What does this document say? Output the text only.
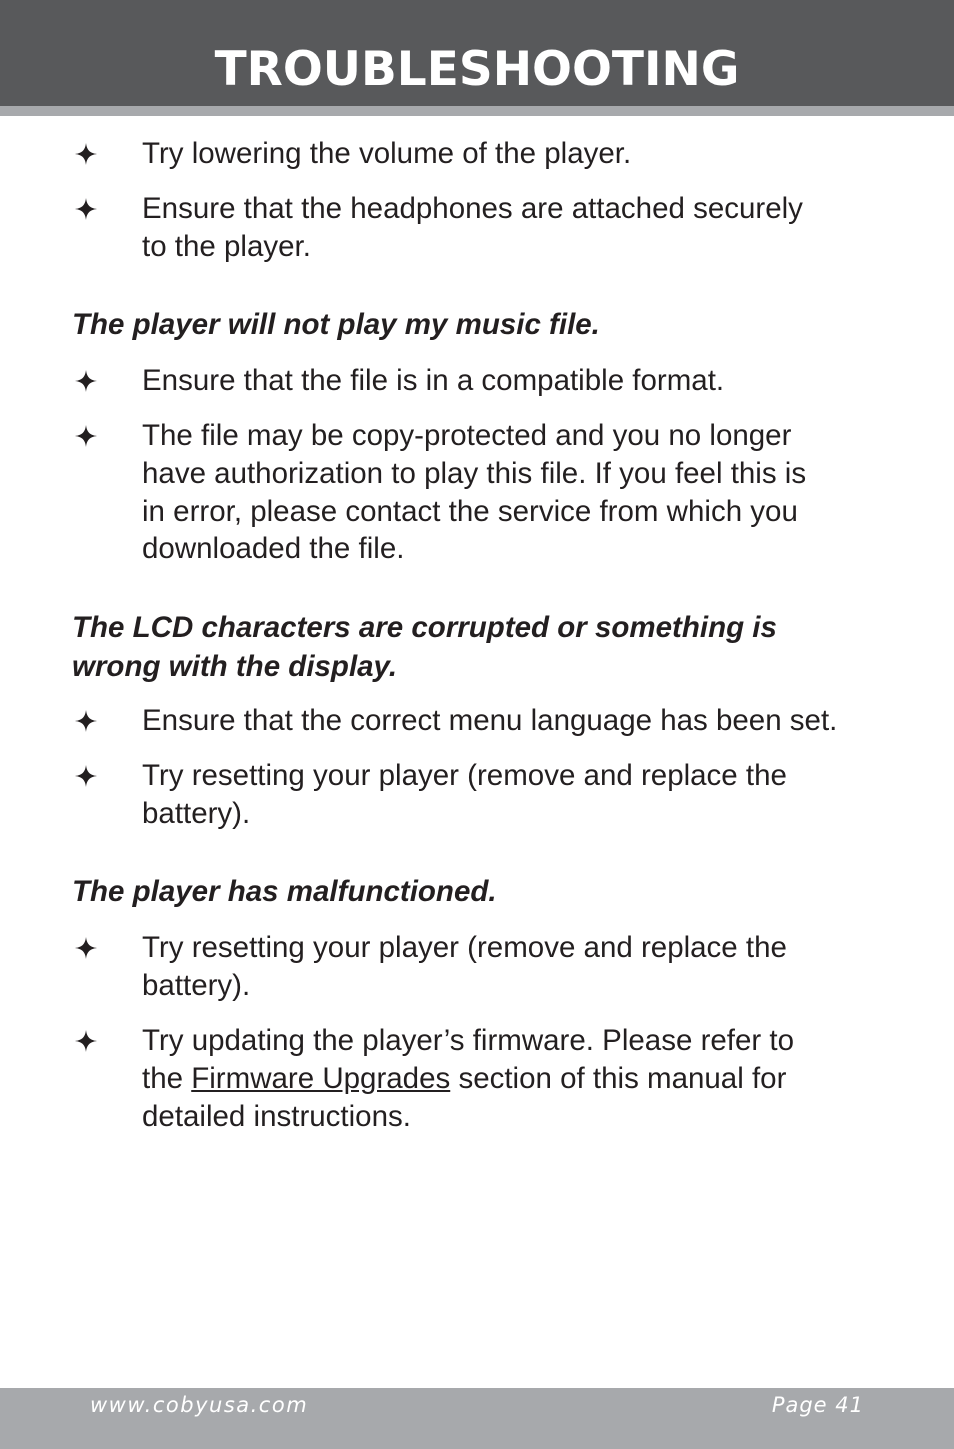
TROUBLESHOOTING
Try lowering the volume of the player.
Ensure that the headphones are attached securely
to the player.
The player will not play my music file.
Ensure that the file is in a compatible format.
The file may be copy-protected and you no longer
have authorization to play this file. If you feel this is
in error, please contact the service from which you
downloaded the file.
The LCD characters are corrupted or something is
wrong with the display.
Ensure that the correct menu language has been set.
Try resetting your player (remove and replace the
battery).
The player has malfunctioned.
Try resetting your player (remove and replace the
battery).
Try updating the player’s firmware. Please refer to
the Firmware Upgrades section of this manual for
detailed instructions.
www.cobyusa.com	Page 41
